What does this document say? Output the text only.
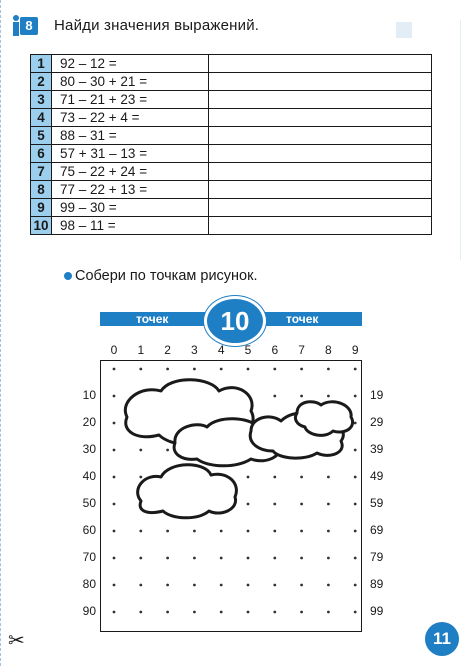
8	Найди значения выражений.
1	92 – 12 =	
2	80 – 30 + 21 =	
3	71 – 21 + 23 =	
4	73 – 22 + 4 =	
5	88 – 31 =	
6	57 + 31 – 13 =	
7	75 – 22 + 24 =	
8	77 – 22 + 13 =	
9	99 – 30 =	
10	98 – 11 =	
Собери по точкам рисунок.
точек	точек
10
0	1	2	3	4	5	6	7	8	9
10	19
20	29
30	39
40	49
50	59
60	69
70	79
80	89
90	99
✂	11
